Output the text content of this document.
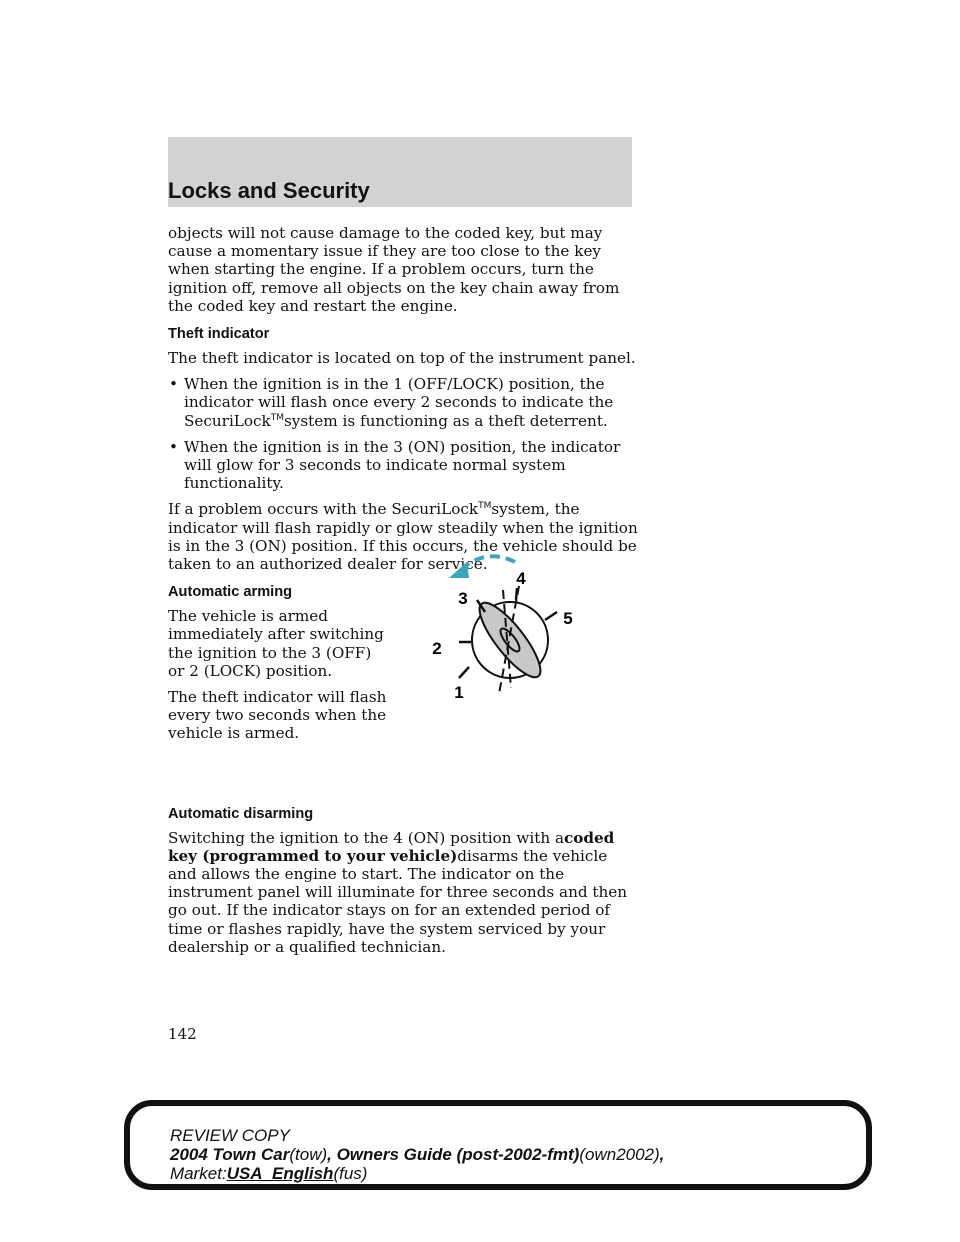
Locks and Security

objects will not cause damage to the coded key, but may cause a momentary issue if they are too close to the key when starting the engine. If a problem occurs, turn the ignition off, remove all objects on the key chain away from the coded key and restart the engine.

Theft indicator

The theft indicator is located on top of the instrument panel.

• When the ignition is in the 1 (OFF/LOCK) position, the indicator will flash once every 2 seconds to indicate the SecuriLock™system is functioning as a theft deterrent.
• When the ignition is in the 3 (ON) position, the indicator will glow for 3 seconds to indicate normal system functionality.

If a problem occurs with the SecuriLock™system, the indicator will flash rapidly or glow steadily when the ignition is in the 3 (ON) position. If this occurs, the vehicle should be taken to an authorized dealer for service.

Automatic arming

The vehicle is armed immediately after switching the ignition to the 3 (OFF) or 2 (LOCK) position.

The theft indicator will flash every two seconds when the vehicle is armed.

Automatic disarming

Switching the ignition to the 4 (ON) position with acoded key (programmed to your vehicle)disarms the vehicle and allows the engine to start. The indicator on the instrument panel will illuminate for three seconds and then go out. If the indicator stays on for an extended period of time or flashes rapidly, have the system serviced by your dealership or a qualified technician.

1
2
3
4
5
142
REVIEW COPY
2004 Town Car(tow), Owners Guide (post-2002-fmt)(own2002),
Market:USA_English(fus)
